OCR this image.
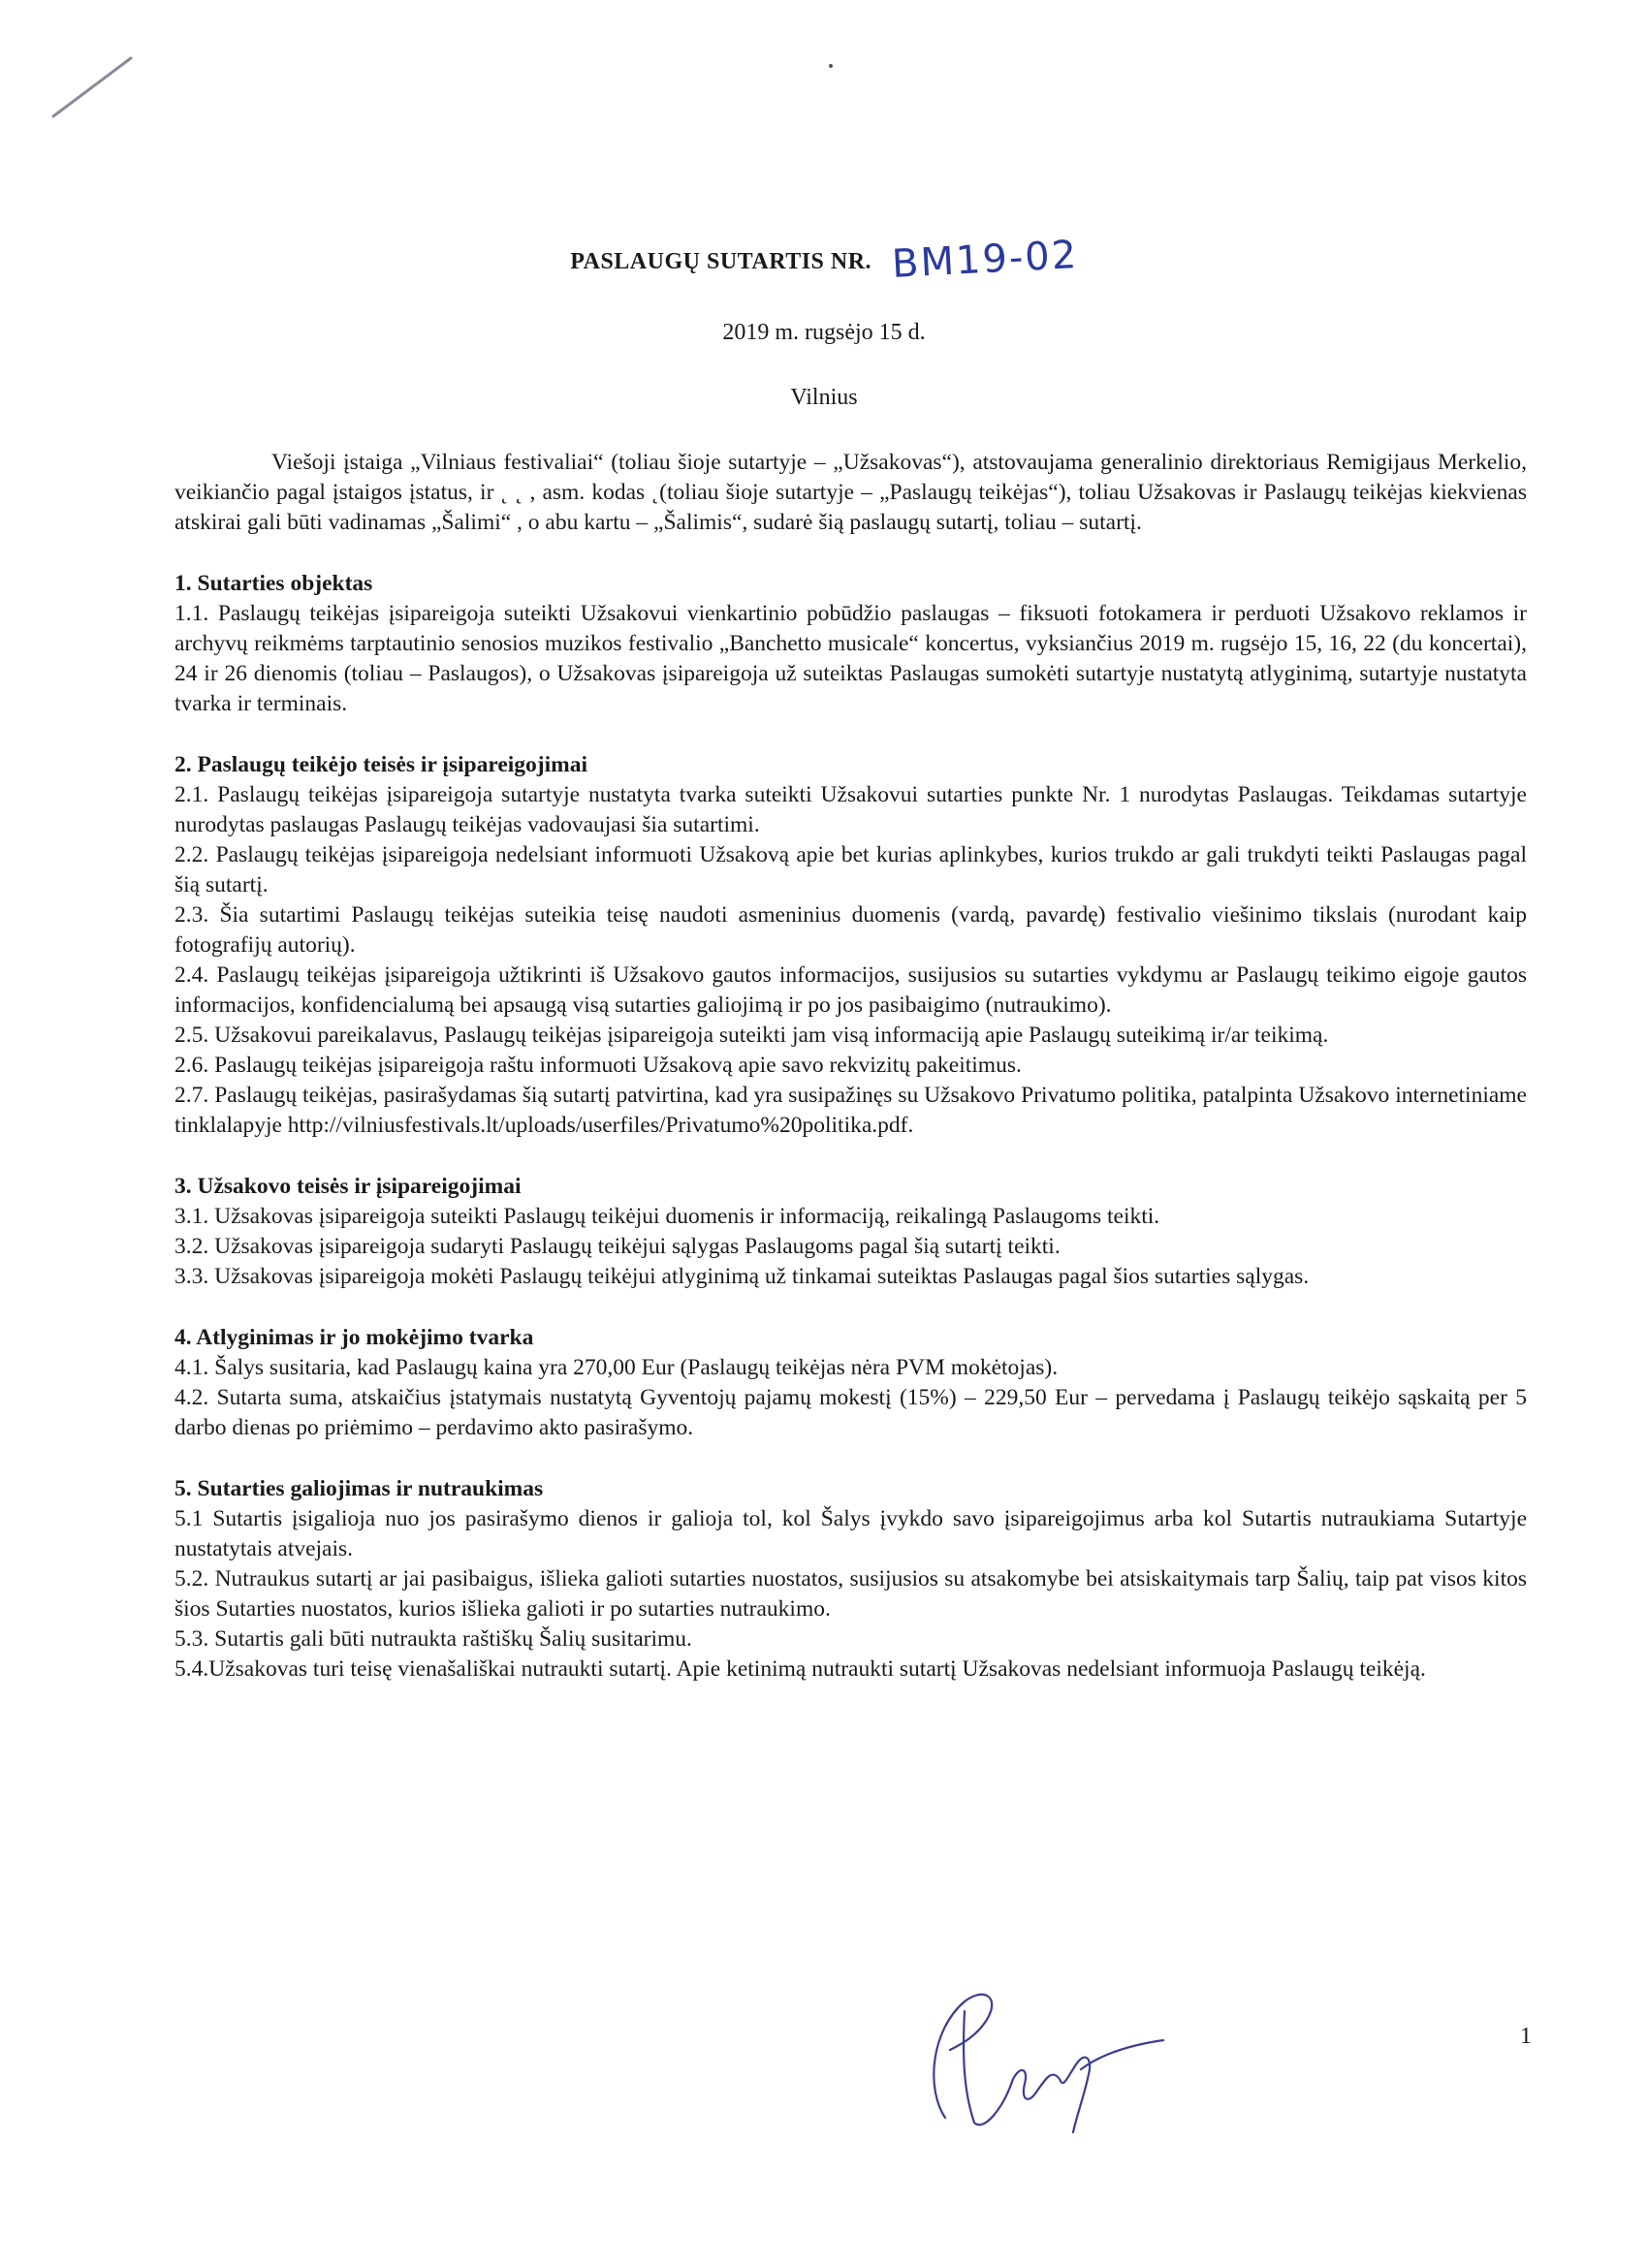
PASLAUGŲ SUTARTIS NR. BM19-02
2019 m. rugsėjo 15 d.
Vilnius

Viešoji įstaiga „Vilniaus festivaliai“ (toliau šioje sutartyje – „Užsakovas“), atstovaujama generalinio direktoriaus Remigijaus Merkelio, veikiančio pagal įstaigos įstatus, ir ˛ ˛ , asm. kodas ˛(toliau šioje sutartyje – „Paslaugų teikėjas“), toliau Užsakovas ir Paslaugų teikėjas kiekvienas atskirai gali būti vadinamas „Šalimi“ , o abu kartu – „Šalimis“, sudarė šią paslaugų sutartį, toliau – sutartį.

1. Sutarties objektas

1.1. Paslaugų teikėjas įsipareigoja suteikti Užsakovui vienkartinio pobūdžio paslaugas – fiksuoti fotokamera ir perduoti Užsakovo reklamos ir archyvų reikmėms tarptautinio senosios muzikos festivalio „Banchetto musicale“ koncertus, vyksiančius 2019 m. rugsėjo 15, 16, 22 (du koncertai), 24 ir 26 dienomis (toliau – Paslaugos), o Užsakovas įsipareigoja už suteiktas Paslaugas sumokėti sutartyje nustatytą atlyginimą, sutartyje nustatyta tvarka ir terminais.

2. Paslaugų teikėjo teisės ir įsipareigojimai

2.1. Paslaugų teikėjas įsipareigoja sutartyje nustatyta tvarka suteikti Užsakovui sutarties punkte Nr. 1 nurodytas Paslaugas. Teikdamas sutartyje nurodytas paslaugas Paslaugų teikėjas vadovaujasi šia sutartimi.

2.2. Paslaugų teikėjas įsipareigoja nedelsiant informuoti Užsakovą apie bet kurias aplinkybes, kurios trukdo ar gali trukdyti teikti Paslaugas pagal šią sutartį.

2.3. Šia sutartimi Paslaugų teikėjas suteikia teisę naudoti asmeninius duomenis (vardą, pavardę) festivalio viešinimo tikslais (nurodant kaip fotografijų autorių).

2.4. Paslaugų teikėjas įsipareigoja užtikrinti iš Užsakovo gautos informacijos, susijusios su sutarties vykdymu ar Paslaugų teikimo eigoje gautos informacijos, konfidencialumą bei apsaugą visą sutarties galiojimą ir po jos pasibaigimo (nutraukimo).

2.5. Užsakovui pareikalavus, Paslaugų teikėjas įsipareigoja suteikti jam visą informaciją apie Paslaugų suteikimą ir/ar teikimą.

2.6. Paslaugų teikėjas įsipareigoja raštu informuoti Užsakovą apie savo rekvizitų pakeitimus.

2.7. Paslaugų teikėjas, pasirašydamas šią sutartį patvirtina, kad yra susipažinęs su Užsakovo Privatumo politika, patalpinta Užsakovo internetiniame tinklalapyje http://vilniusfestivals.lt/uploads/userfiles/Privatumo%20politika.pdf.

3. Užsakovo teisės ir įsipareigojimai

3.1. Užsakovas įsipareigoja suteikti Paslaugų teikėjui duomenis ir informaciją, reikalingą Paslaugoms teikti.

3.2. Užsakovas įsipareigoja sudaryti Paslaugų teikėjui sąlygas Paslaugoms pagal šią sutartį teikti.

3.3. Užsakovas įsipareigoja mokėti Paslaugų teikėjui atlyginimą už tinkamai suteiktas Paslaugas pagal šios sutarties sąlygas.

4. Atlyginimas ir jo mokėjimo tvarka

4.1. Šalys susitaria, kad Paslaugų kaina yra 270,00 Eur (Paslaugų teikėjas nėra PVM mokėtojas).

4.2. Sutarta suma, atskaičius įstatymais nustatytą Gyventojų pajamų mokestį (15%) – 229,50 Eur – pervedama į Paslaugų teikėjo sąskaitą per 5 darbo dienas po priėmimo – perdavimo akto pasirašymo.

5. Sutarties galiojimas ir nutraukimas

5.1 Sutartis įsigalioja nuo jos pasirašymo dienos ir galioja tol, kol Šalys įvykdo savo įsipareigojimus arba kol Sutartis nutraukiama Sutartyje nustatytais atvejais.

5.2. Nutraukus sutartį ar jai pasibaigus, išlieka galioti sutarties nuostatos, susijusios su atsakomybe bei atsiskaitymais tarp Šalių, taip pat visos kitos šios Sutarties nuostatos, kurios išlieka galioti ir po sutarties nutraukimo.

5.3. Sutartis gali būti nutraukta raštiškų Šalių susitarimu.

5.4.Užsakovas turi teisę vienašališkai nutraukti sutartį. Apie ketinimą nutraukti sutartį Užsakovas nedelsiant informuoja Paslaugų teikėją.

1
